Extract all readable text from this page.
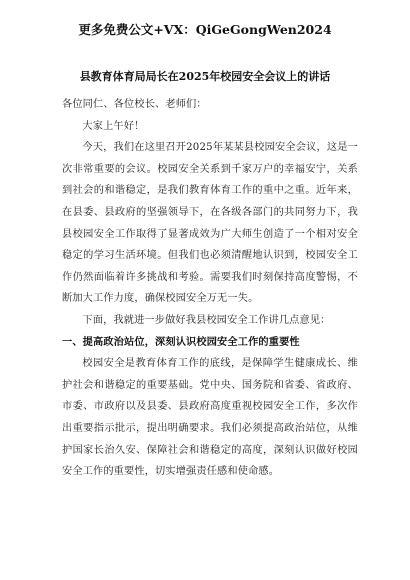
更多免费公文+VX：QiGeGongWen2024
县教育体育局局长在2025年校园安全会议上的讲话

各位同仁、各位校长、老师们：

大家上午好！

今天，我们在这里召开2025年某某县校园安全会议，这是一次非常重要的会议。校园安全关系到千家万户的幸福安宁，关系到社会的和谐稳定，是我们教育体育工作的重中之重。近年来，在县委、县政府的坚强领导下，在各级各部门的共同努力下，我县校园安全工作取得了显著成效为广大师生创造了一个相对安全稳定的学习生活环境。但我们也必须清醒地认识到，校园安全工作仍然面临着许多挑战和考验。需要我们时刻保持高度警惕，不断加大工作力度，确保校园安全万无一失。

下面，我就进一步做好我县校园安全工作讲几点意见：

一、提高政治站位，深刻认识校园安全工作的重要性

校园安全是教育体育工作的底线，是保障学生健康成长、维护社会和谐稳定的重要基础。党中央、国务院和省委、省政府、市委、市政府以及县委、县政府高度重视校园安全工作，多次作出重要指示批示，提出明确要求。我们必须提高政治站位，从维护国家长治久安、保障社会和谐稳定的高度，深刻认识做好校园安全工作的重要性，切实增强责任感和使命感。
